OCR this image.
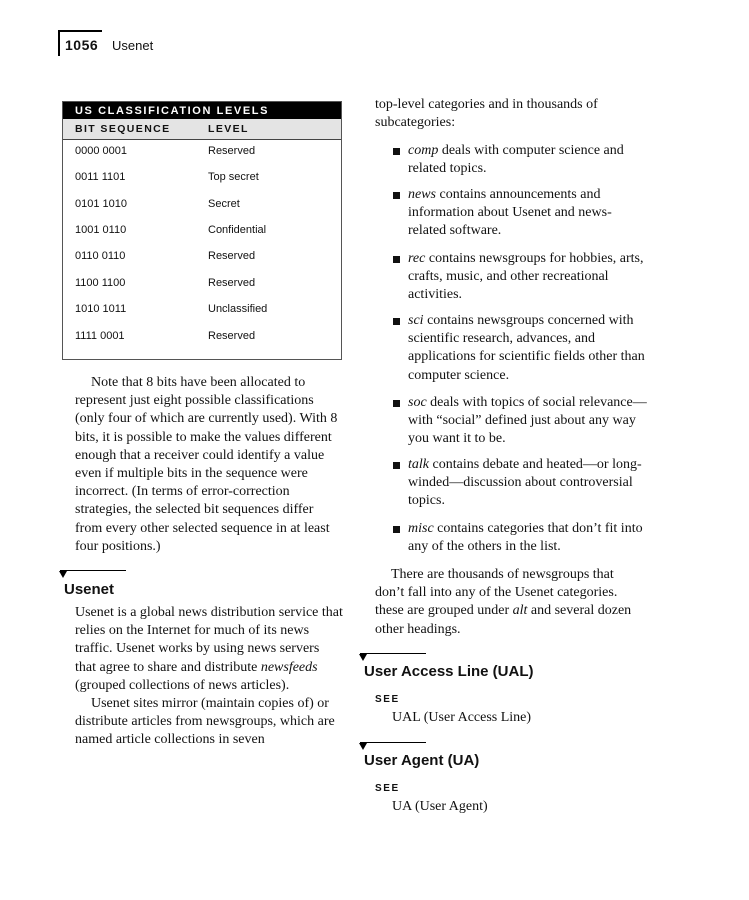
1056 Usenet
US CLASSIFICATION LEVELS
BIT SEQUENCE	LEVEL
0000 0001	Reserved
0011 1101	Top secret
0101 1010	Secret
1001 0110	Confidential
0110 0110	Reserved
1100 1100	Reserved
1010 1011	Unclassified
1111 0001	Reserved

Note that 8 bits have been allocated to represent just eight possible classifications (only four of which are currently used). With 8 bits, it is possible to make the values different enough that a receiver could identify a value even if multiple bits in the sequence were incorrect. (In terms of error-correction strategies, the selected bit sequences differ from every other selected sequence in at least four positions.)

Usenet

Usenet is a global news distribution service that relies on the Internet for much of its news traffic. Usenet works by using news servers that agree to share and distribute newsfeeds (grouped collections of news articles).

Usenet sites mirror (maintain copies of) or distribute articles from newsgroups, which are named article collections in seven

top-level categories and in thousands of subcategories:
comp deals with computer science and related topics.
news contains announcements and information about Usenet and news-related software.
rec contains newsgroups for hobbies, arts, crafts, music, and other recreational activities.
sci contains newsgroups concerned with scientific research, advances, and applications for scientific fields other than computer science.
soc deals with topics of social relevance—with “social” defined just about any way you want it to be.
talk contains debate and heated—or long-winded—discussion about controversial topics.
misc contains categories that don’t fit into any of the others in the list.

There are thousands of newsgroups that don’t fall into any of the Usenet categories. these are grouped under alt and several dozen other headings.

User Access Line (UAL)
SEE
UAL (User Access Line)
User Agent (UA)
SEE
UA (User Agent)
